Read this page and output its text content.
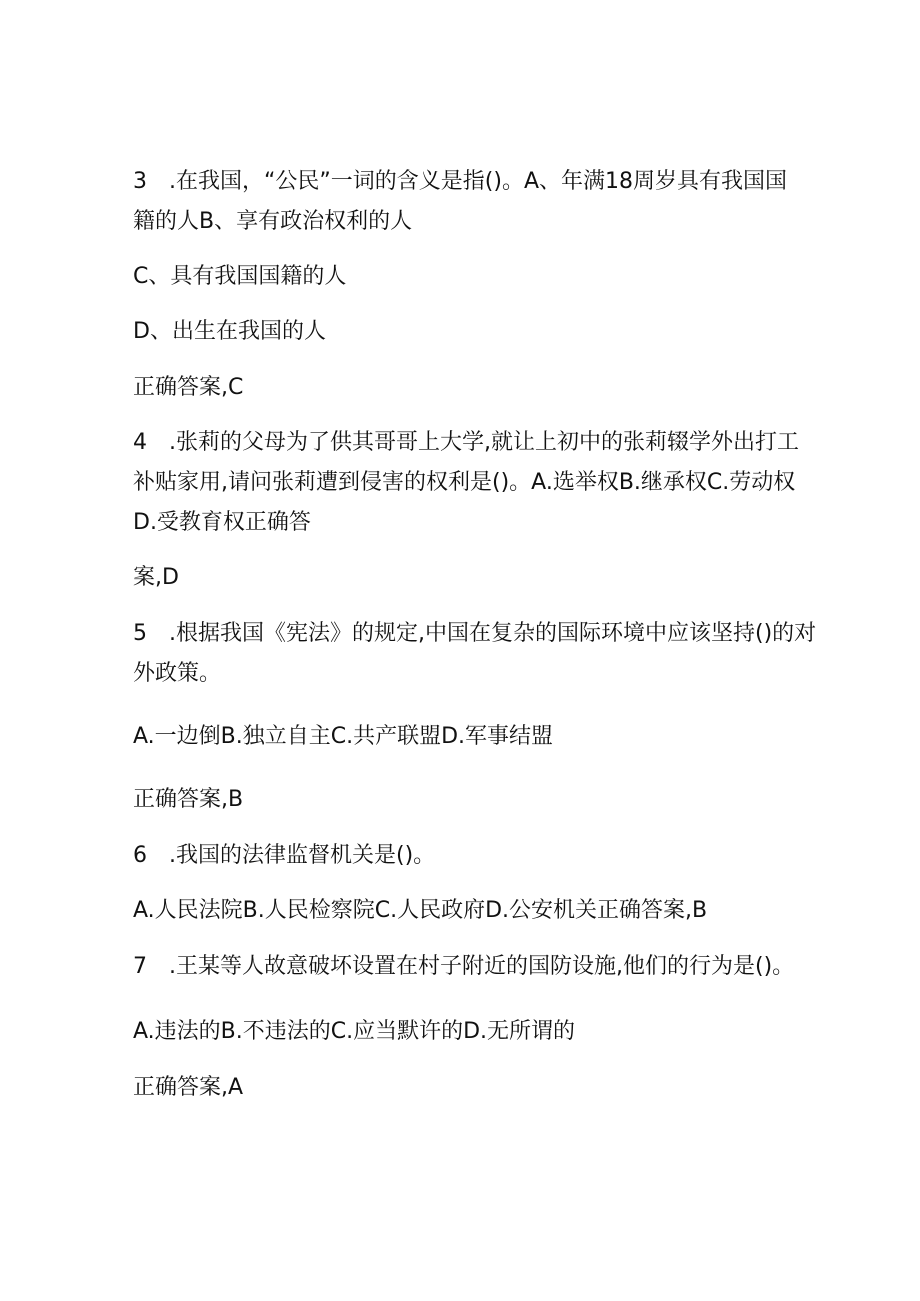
3　.在我国，“公民”一词的含义是指()。A、年满18周岁具有我国国
籍的人B、享有政治权利的人
C、具有我国国籍的人
D、出生在我国的人
正确答案,C
4　.张莉的父母为了供其哥哥上大学,就让上初中的张莉辍学外出打工
补贴家用,请问张莉遭到侵害的权利是()。A.选举权B.继承权C.劳动权
D.受教育权正确答
案,D
5　.根据我国《宪法》的规定,中国在复杂的国际环境中应该坚持()的对
外政策。
A.一边倒B.独立自主C.共产联盟D.军事结盟
正确答案,B
6　.我国的法律监督机关是()。
A.人民法院B.人民检察院C.人民政府D.公安机关正确答案,B
7　.王某等人故意破坏设置在村子附近的国防设施,他们的行为是()。
A.违法的B.不违法的C.应当默许的D.无所谓的
正确答案,A
